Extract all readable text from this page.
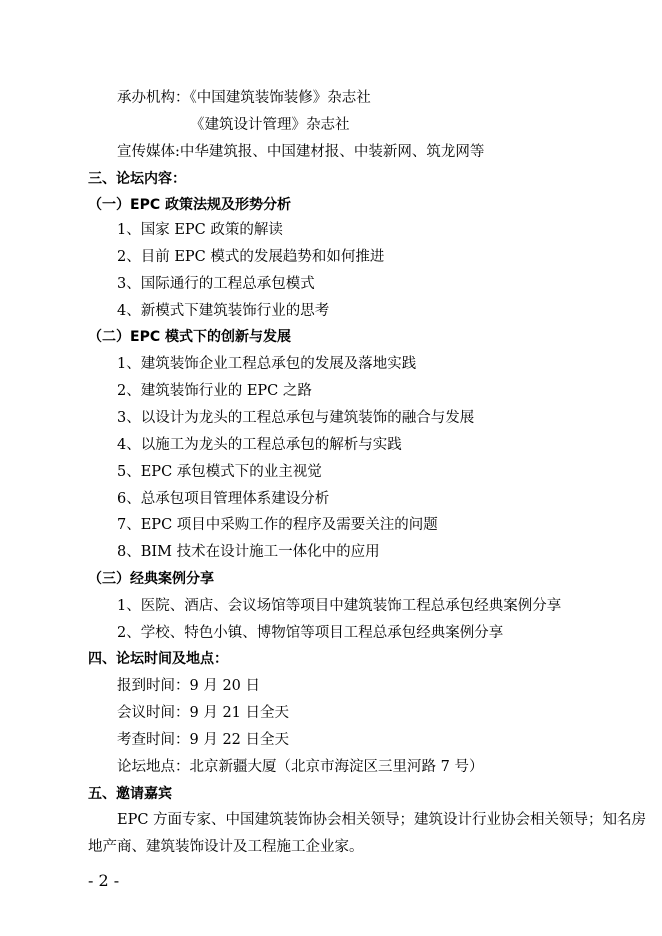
承办机构：《中国建筑装饰装修》杂志社
《建筑设计管理》杂志社
宣传媒体:中华建筑报、中国建材报、中装新网、筑龙网等
三、论坛内容：
（一）EPC 政策法规及形势分析
1、国家 EPC 政策的解读
2、目前 EPC 模式的发展趋势和如何推进
3、国际通行的工程总承包模式
4、新模式下建筑装饰行业的思考
（二）EPC 模式下的创新与发展
1、建筑装饰企业工程总承包的发展及落地实践
2、建筑装饰行业的 EPC 之路
3、以设计为龙头的工程总承包与建筑装饰的融合与发展
4、以施工为龙头的工程总承包的解析与实践
5、EPC 承包模式下的业主视觉
6、总承包项目管理体系建设分析
7、EPC 项目中采购工作的程序及需要关注的问题
8、BIM 技术在设计施工一体化中的应用
（三）经典案例分享
1、医院、酒店、会议场馆等项目中建筑装饰工程总承包经典案例分享
2、学校、特色小镇、博物馆等项目工程总承包经典案例分享
四、论坛时间及地点：
报到时间：9 月 20 日
会议时间：9 月 21 日全天
考查时间：9 月 22 日全天
论坛地点：北京新疆大厦（北京市海淀区三里河路 7 号）
五、邀请嘉宾
EPC 方面专家、中国建筑装饰协会相关领导；建筑设计行业协会相关领导；知名房
地产商、建筑装饰设计及工程施工企业家。
- 2 -
